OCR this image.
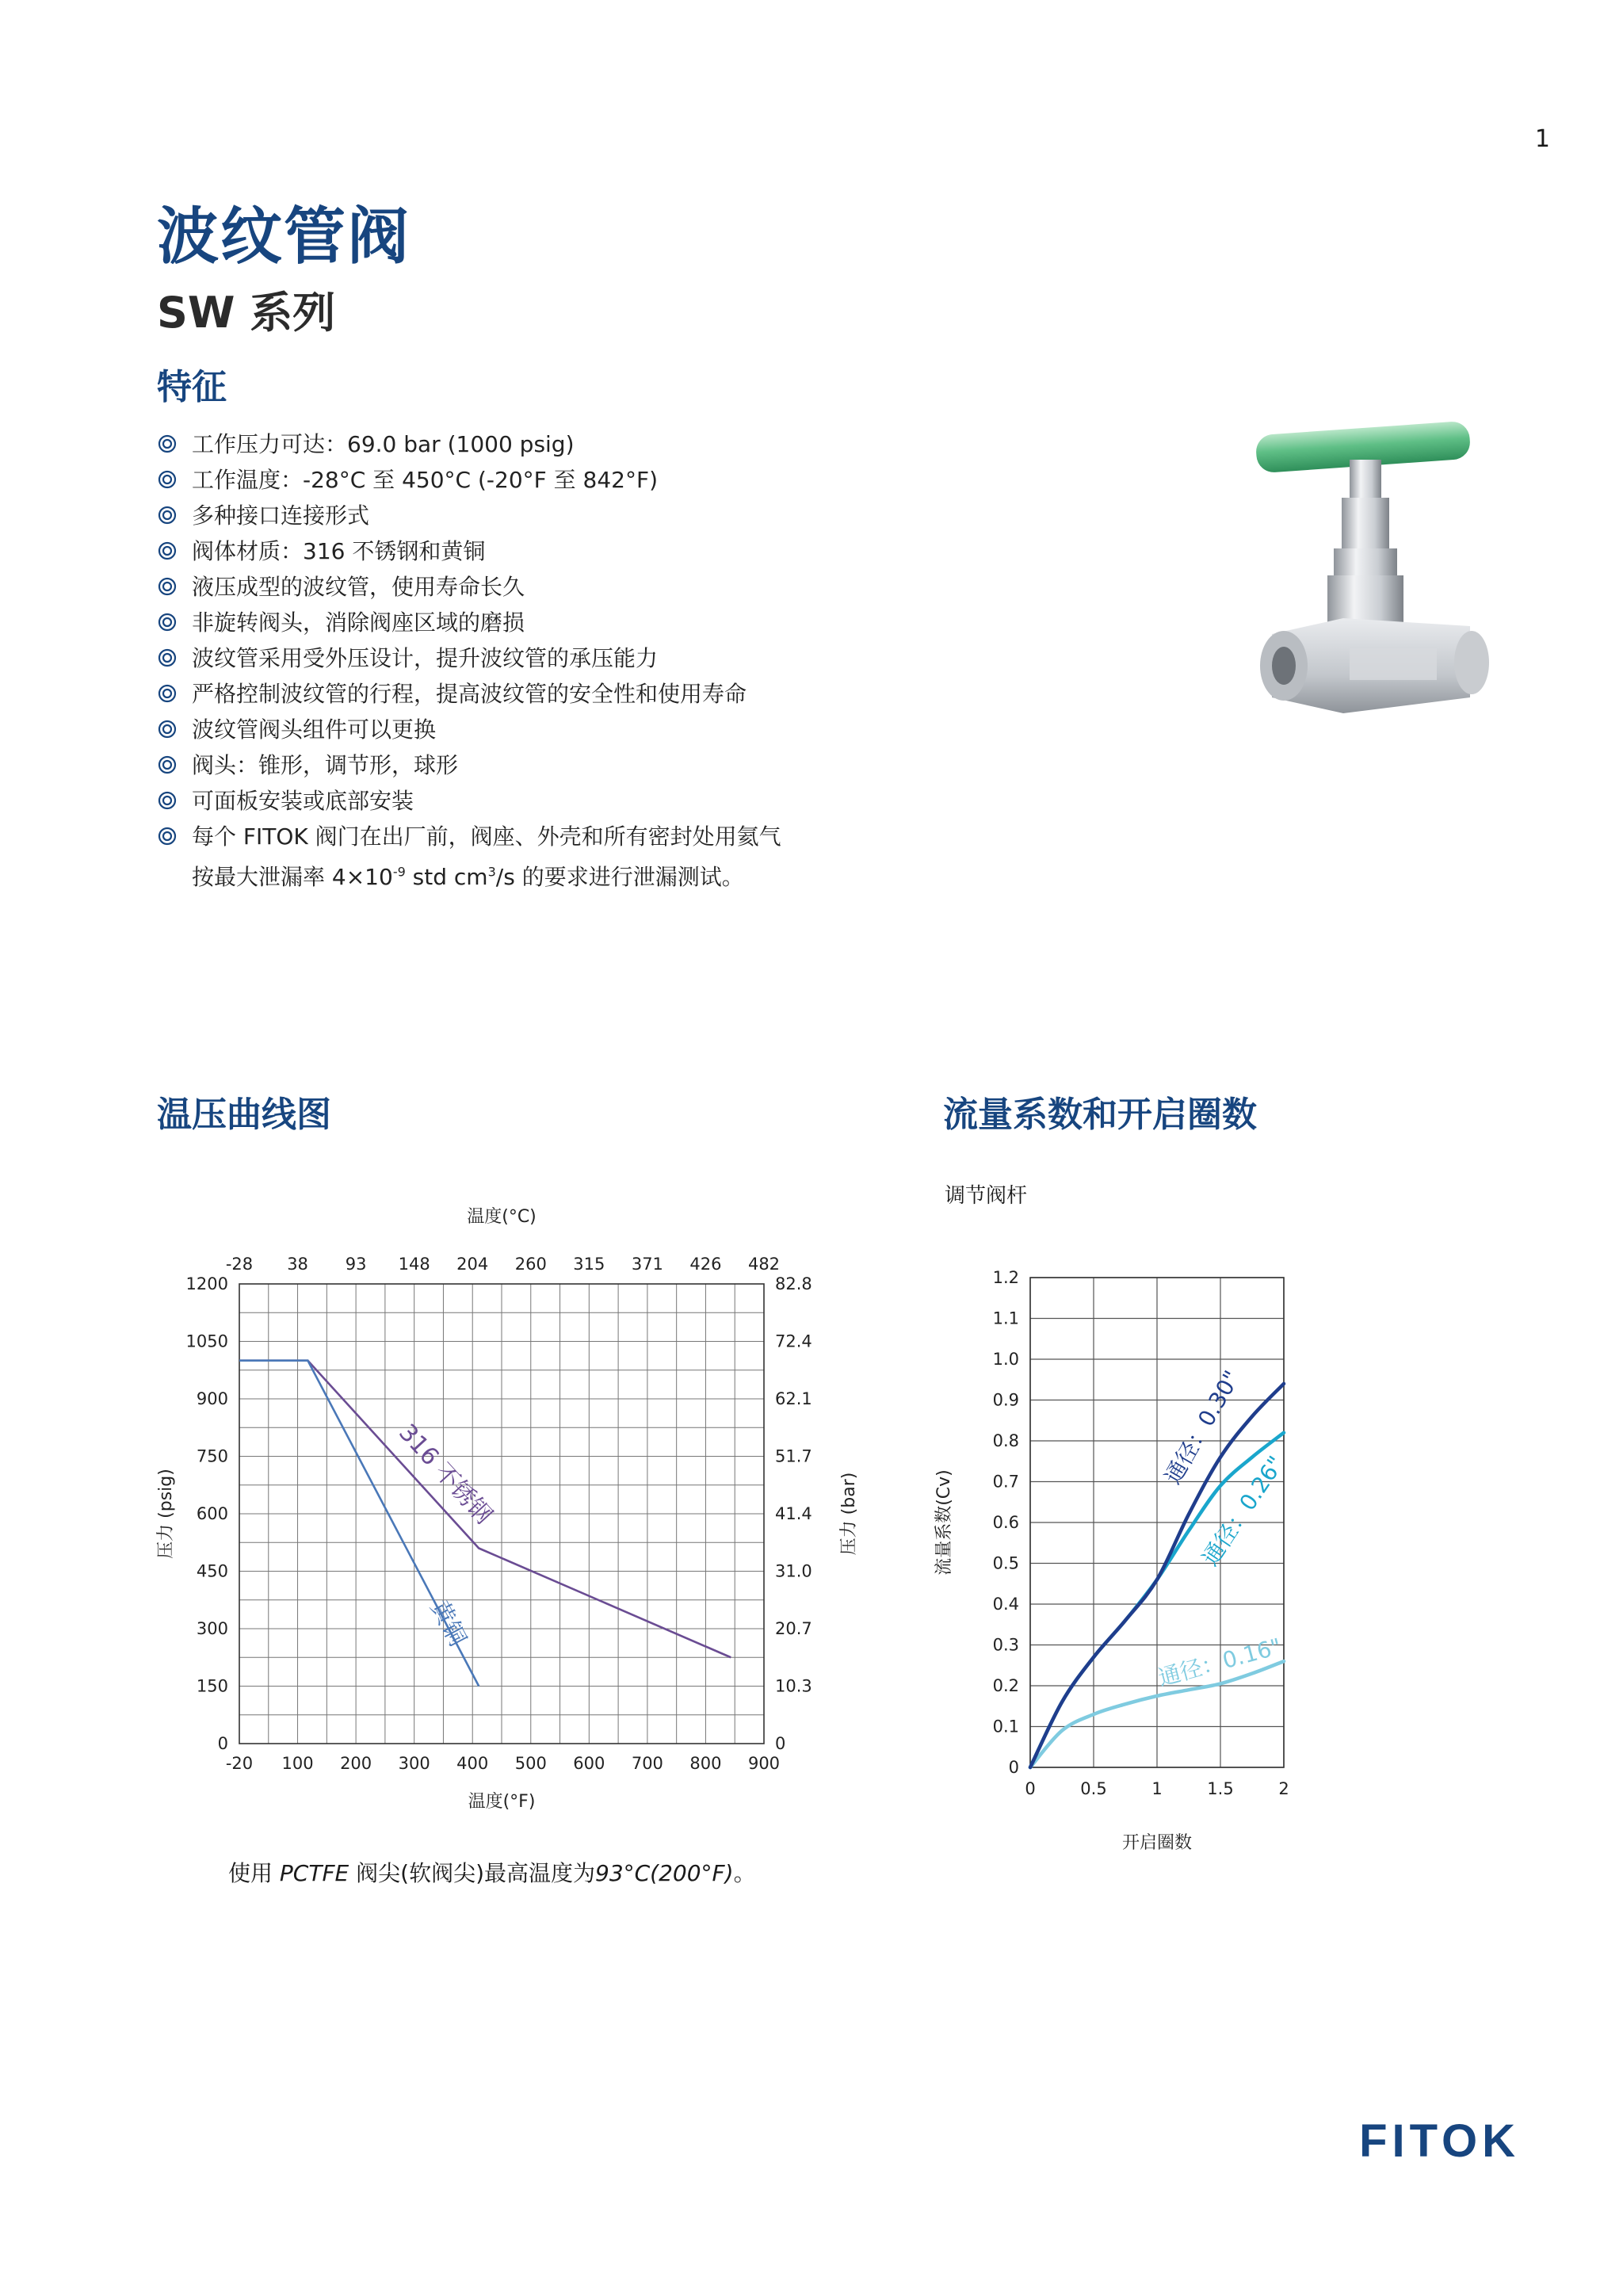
1
波纹管阀
SW 系列
特征
工作压力可达：69.0 bar (1000 psig)
工作温度：-28°C 至 450°C (-20°F 至 842°F)
多种接口连接形式
阀体材质：316 不锈钢和黄铜
液压成型的波纹管，使用寿命长久
非旋转阀头，消除阀座区域的磨损
波纹管采用受外压设计，提升波纹管的承压能力
严格控制波纹管的行程，提高波纹管的安全性和使用寿命
波纹管阀头组件可以更换
阀头：锥形，调节形，球形
可面板安装或底部安装
每个 FITOK 阀门在出厂前，阀座、外壳和所有密封处用氦气
按最大泄漏率 $4\times 10^{-9}$ std $cm^3/s$ 的要求进行泄漏测试。
温压曲线图	流量系数和开启圈数
调节阀杆
-20 100 200 300 400 500 600 700 800 900
-28 38 93 148 204 260 315 371 426 482
0
150
300
450
600
750
900
1050
1200
0
10.3
20.7
31.0
41.4
51.7
62.1
72.4
82.8
温度(°F)
温度(°C)
压力 (psig)	压力 (bar)
316 不锈钢
黄铜
0	0.5	1	1.5	2
0
0.1
0.2
0.3
0.4
0.5
0.6
0.7
0.8
0.9
1.0
1.1
1.2
开启圈数
流量系数(Cv)
通径：0.30"
通径：0.26"
通径：0.16"
使用 PCTFE 阀尖(软阀尖)最高温度为93°C(200°F)。
FITOK
